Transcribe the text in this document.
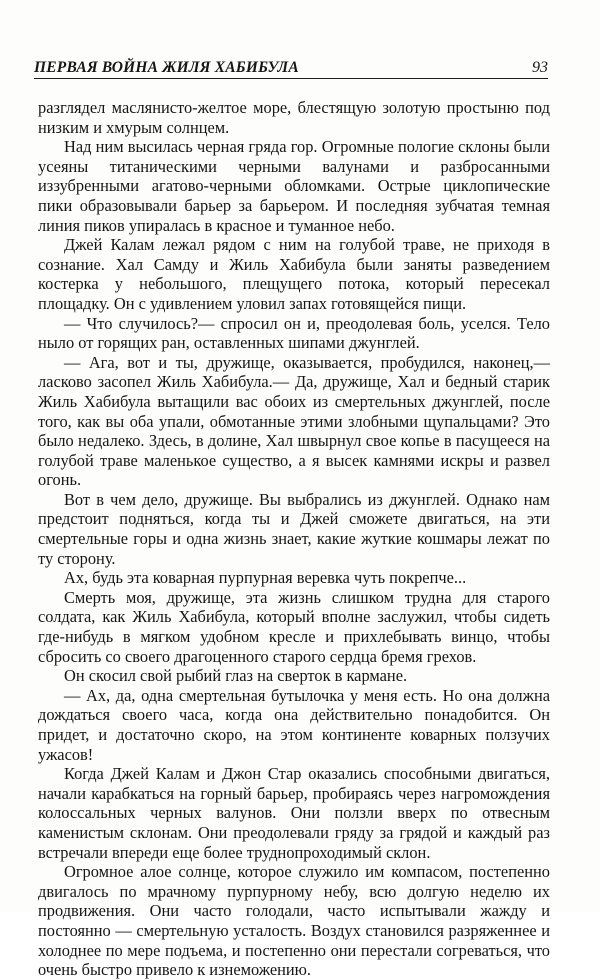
ПЕРВАЯ ВОЙНА ЖИЛЯ ХАБИБУЛА	93

разглядел маслянисто-желтое море, блестящую золотую простыню под низким и хмурым солнцем.

Над ним высилась черная гряда гор. Огромные пологие склоны были усеяны титаническими черными валунами и разбросанными иззубренными агатово-черными обломками. Острые циклопические пики образовывали барьер за барьером. И последняя зубчатая темная линия пиков упиралась в красное и туманное небо.

Джей Калам лежал рядом с ним на голубой траве, не приходя в сознание. Хал Самду и Жиль Хабибула были заняты разведением костерка у небольшого, плещущего потока, который пересекал площадку. Он с удивлением уловил запах готовящейся пищи.

— Что случилось?— спросил он и, преодолевая боль, уселся. Тело ныло от горящих ран, оставленных шипами джунглей.

— Ага, вот и ты, дружище, оказывается, пробудился, наконец,— ласково засопел Жиль Хабибула.— Да, дружище, Хал и бедный старик Жиль Хабибула вытащили вас обоих из смертельных джунглей, после того, как вы оба упали, обмотанные этими злобными щупальцами? Это было недалеко. Здесь, в долине, Хал швырнул свое копье в пасущееся на голубой траве маленькое существо, а я высек камнями искры и развел огонь.

Вот в чем дело, дружище. Вы выбрались из джунглей. Однако нам предстоит подняться, когда ты и Джей сможете двигаться, на эти смертельные горы и одна жизнь знает, какие жуткие кошмары лежат по ту сторону.

Ах, будь эта коварная пурпурная веревка чуть покрепче...

Смерть моя, дружище, эта жизнь слишком трудна для старого солдата, как Жиль Хабибула, который вполне заслужил, чтобы сидеть где-нибудь в мягком удобном кресле и прихлебывать винцо, чтобы сбросить со своего драгоценного старого сердца бремя грехов.

Он скосил свой рыбий глаз на сверток в кармане.

— Ах, да, одна смертельная бутылочка у меня есть. Но она должна дождаться своего часа, когда она действительно понадобится. Он придет, и достаточно скоро, на этом континенте коварных ползучих ужасов!

Когда Джей Калам и Джон Стар оказались способными двигаться, начали карабкаться на горный барьер, пробираясь через нагромождения колоссальных черных валунов. Они ползли вверх по отвесным каменистым склонам. Они преодолевали гряду за грядой и каждый раз встречали впереди еще более труднопроходимый склон.

Огромное алое солнце, которое служило им компасом, постепенно двигалось по мрачному пурпурному небу, всю долгую неделю их продвижения. Они часто голодали, часто испытывали жажду и постоянно — смертельную усталость. Воздух становился разряженнее и холоднее по мере подъема, и постепенно они перестали согреваться, что очень быстро привело к изнеможению.
